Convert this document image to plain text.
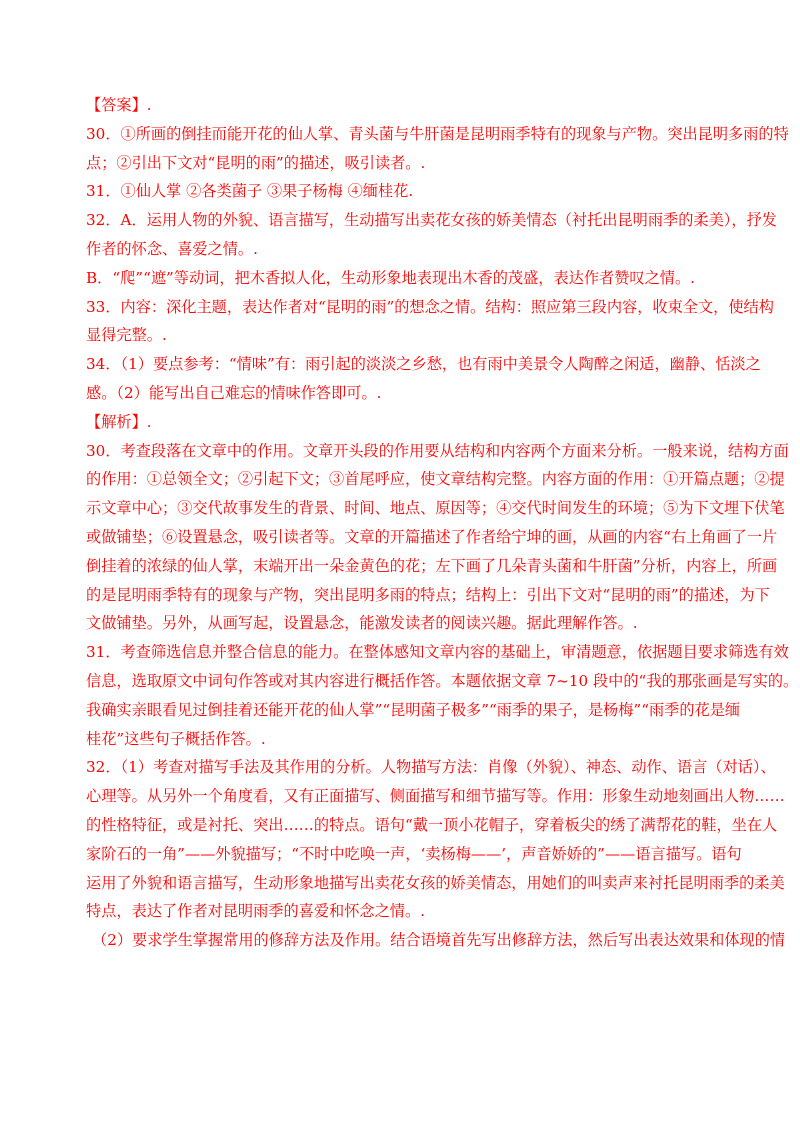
【答案】.
30．①所画的倒挂而能开花的仙人掌、青头菌与牛肝菌是昆明雨季特有的现象与产物。突出昆明多雨的特
点；②引出下文对“昆明的雨”的描述，吸引读者。.
31．①仙人掌 ②各类菌子 ③果子杨梅 ④缅桂花.
32．A．运用人物的外貌、语言描写，生动描写出卖花女孩的娇美情态（衬托出昆明雨季的柔美），抒发
作者的怀念、喜爱之情。.
B．“爬”“遮”等动词，把木香拟人化，生动形象地表现出木香的茂盛，表达作者赞叹之情。.
33．内容：深化主题，表达作者对“昆明的雨”的想念之情。结构：照应第三段内容，收束全文，使结构
显得完整。.
34．（1）要点参考：“情味”有：雨引起的淡淡之乡愁，也有雨中美景令人陶醉之闲适，幽静、恬淡之
感。（2）能写出自己难忘的情味作答即可。.
【解析】.
30．考查段落在文章中的作用。文章开头段的作用要从结构和内容两个方面来分析。一般来说，结构方面
的作用：①总领全文；②引起下文；③首尾呼应，使文章结构完整。内容方面的作用：①开篇点题；②提
示文章中心；③交代故事发生的背景、时间、地点、原因等；④交代时间发生的环境；⑤为下文埋下伏笔
或做铺垫；⑥设置悬念，吸引读者等。文章的开篇描述了作者给宁坤的画，从画的内容“右上角画了一片
倒挂着的浓绿的仙人掌，末端开出一朵金黄色的花；左下画了几朵青头菌和牛肝菌”分析，内容上，所画
的是昆明雨季特有的现象与产物，突出昆明多雨的特点；结构上：引出下文对“昆明的雨”的描述，为下
文做铺垫。另外，从画写起，设置悬念，能激发读者的阅读兴趣。据此理解作答。.
31．考查筛选信息并整合信息的能力。在整体感知文章内容的基础上，审清题意，依据题目要求筛选有效
信息，选取原文中词句作答或对其内容进行概括作答。本题依据文章 7~10 段中的“我的那张画是写实的。
我确实亲眼看见过倒挂着还能开花的仙人掌”“昆明菌子极多”“雨季的果子，是杨梅”“雨季的花是缅
桂花”这些句子概括作答。.
32．（1）考查对描写手法及其作用的分析。人物描写方法：肖像（外貌）、神态、动作、语言（对话）、
心理等。从另外一个角度看，又有正面描写、侧面描写和细节描写等。作用：形象生动地刻画出人物……
的性格特征，或是衬托、突出……的特点。语句“戴一顶小花帽子，穿着板尖的绣了满帮花的鞋，坐在人
家阶石的一角”——外貌描写；“不时中吃唤一声，‘卖杨梅——’，声音娇娇的”——语言描写。语句
运用了外貌和语言描写，生动形象地描写出卖花女孩的娇美情态，用她们的叫卖声来衬托昆明雨季的柔美
特点，表达了作者对昆明雨季的喜爱和怀念之情。.
（2）要求学生掌握常用的修辞方法及作用。结合语境首先写出修辞方法，然后写出表达效果和体现的情
